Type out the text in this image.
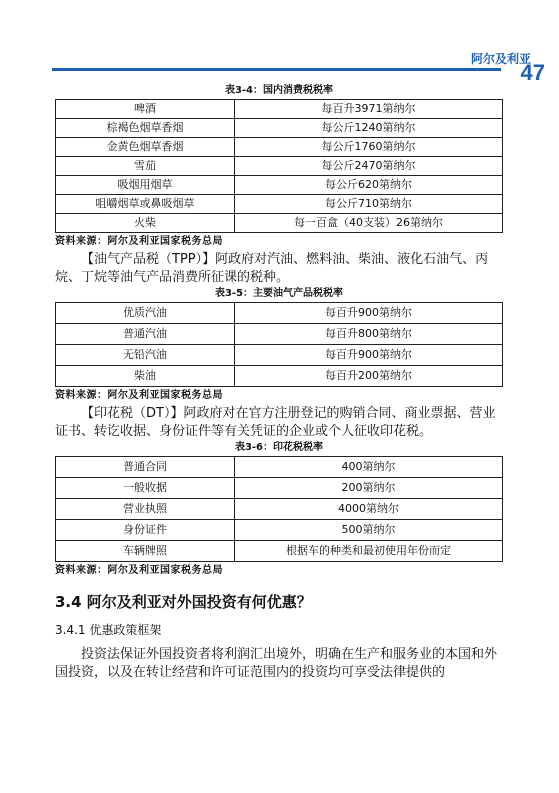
阿尔及利亚
47
表3-4：国内消费税税率
啤酒	每百升3971第纳尔
棕褐色烟草香烟	每公斤1240第纳尔
金黄色烟草香烟	每公斤1760第纳尔
雪茄	每公斤2470第纳尔
吸烟用烟草	每公斤620第纳尔
咀嚼烟草或鼻吸烟草	每公斤710第纳尔
火柴	每一百盒（40支装）26第纳尔
资料来源：阿尔及利亚国家税务总局

【油气产品税（TPP）】阿政府对汽油、燃料油、柴油、液化石油气、丙烷、丁烷等油气产品消费所征课的税种。

表3-5：主要油气产品税税率
优质汽油	每百升900第纳尔
普通汽油	每百升800第纳尔
无铅汽油	每百升900第纳尔
柴油	每百升200第纳尔
资料来源：阿尔及利亚国家税务总局

【印花税（DT）】阿政府对在官方注册登记的购销合同、商业票据、营业证书、转讫收据、身份证件等有关凭证的企业或个人征收印花税。

表3-6：印花税税率
普通合同	400第纳尔
一般收据	200第纳尔
营业执照	4000第纳尔
身份证件	500第纳尔
车辆牌照	根据车的种类和最初使用年份而定
资料来源：阿尔及利亚国家税务总局
3.4 阿尔及利亚对外国投资有何优惠？
3.4.1 优惠政策框架

投资法保证外国投资者将利润汇出境外，明确在生产和服务业的本国和外国投资，以及在转让经营和许可证范围内的投资均可享受法律提供的
